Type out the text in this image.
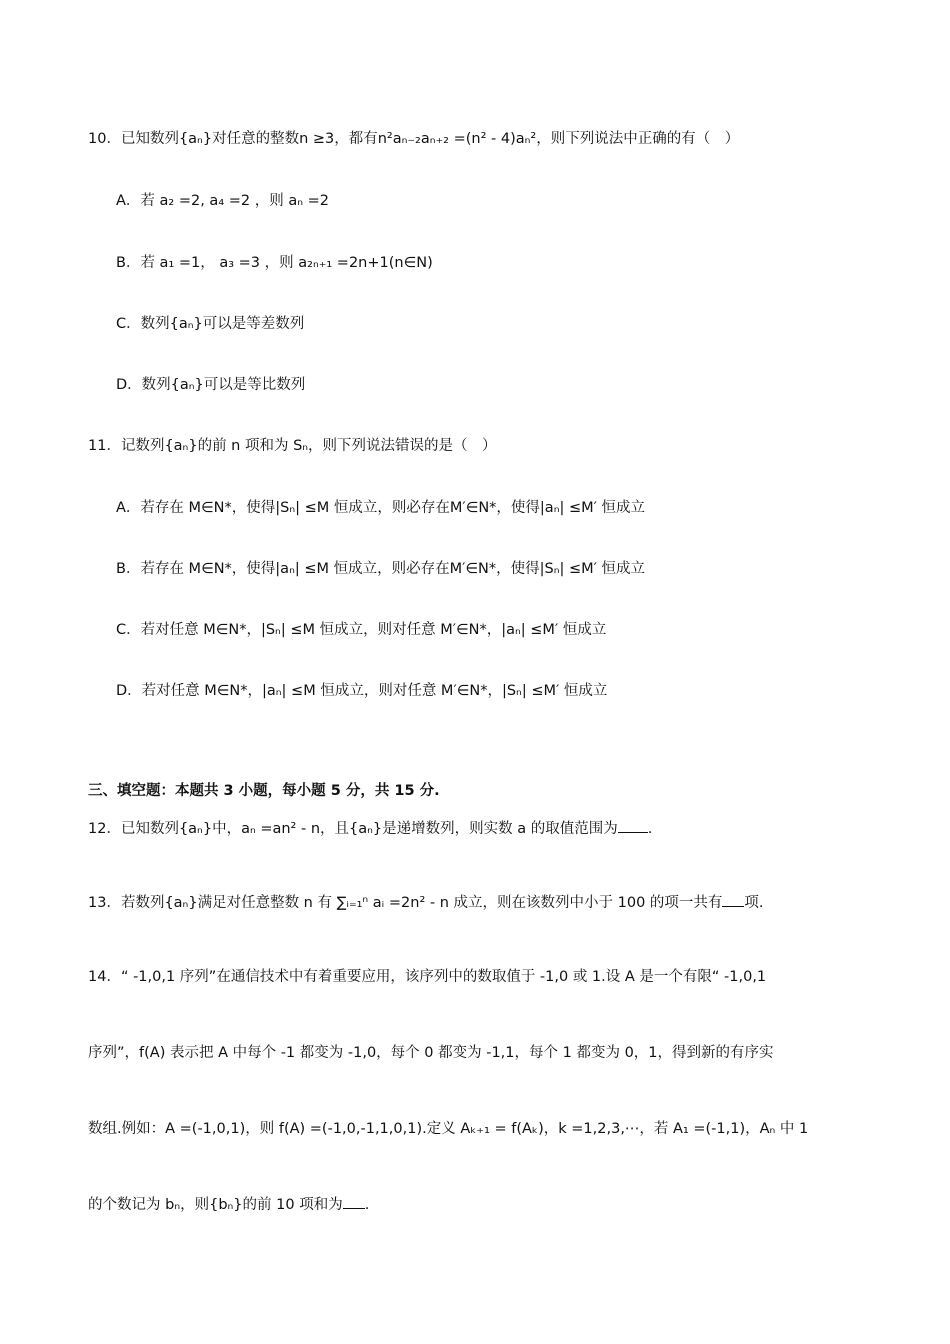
10．已知数列{aₙ}对任意的整数n ≥3，都有n²aₙ₋₂aₙ₊₂ =(n² - 4)aₙ²，则下列说法中正确的有（　）
A．若 a₂ =2, a₄ =2 ，则 aₙ =2
B．若 a₁ =1， a₃ =3 ，则 a₂ₙ₊₁ =2n+1(n∈N)
C．数列{aₙ}可以是等差数列
D．数列{aₙ}可以是等比数列
11．记数列{aₙ}的前 n 项和为 Sₙ，则下列说法错误的是（　）
A．若存在 M∈N*，使得|Sₙ| ≤M 恒成立，则必存在M′∈N*，使得|aₙ| ≤M′ 恒成立
B．若存在 M∈N*，使得|aₙ| ≤M 恒成立，则必存在M′∈N*，使得|Sₙ| ≤M′ 恒成立
C．若对任意 M∈N*，|Sₙ| ≤M 恒成立，则对任意 M′∈N*，|aₙ| ≤M′ 恒成立
D．若对任意 M∈N*，|aₙ| ≤M 恒成立，则对任意 M′∈N*，|Sₙ| ≤M′ 恒成立
三、填空题：本题共 3 小题，每小题 5 分，共 15 分.
12．已知数列{aₙ}中，aₙ =an² - n，且{aₙ}是递增数列，则实数 a 的取值范围为 .
13．若数列{aₙ}满足对任意整数 n 有 ∑ᵢ₌₁ⁿ aᵢ =2n² - n 成立，则在该数列中小于 100 的项一共有 项.
14．“ -1,0,1 序列”在通信技术中有着重要应用，该序列中的数取值于 -1,0 或 1.设 A 是一个有限“ -1,0,1
序列”，f(A) 表示把 A 中每个 -1 都变为 -1,0，每个 0 都变为 -1,1，每个 1 都变为 0，1，得到新的有序实
数组.例如：A =(-1,0,1)，则 f(A) =(-1,0,-1,1,0,1).定义 Aₖ₊₁ = f(Aₖ)，k =1,2,3,⋯，若 A₁ =(-1,1)，Aₙ 中 1
的个数记为 bₙ，则{bₙ}的前 10 项和为 .
